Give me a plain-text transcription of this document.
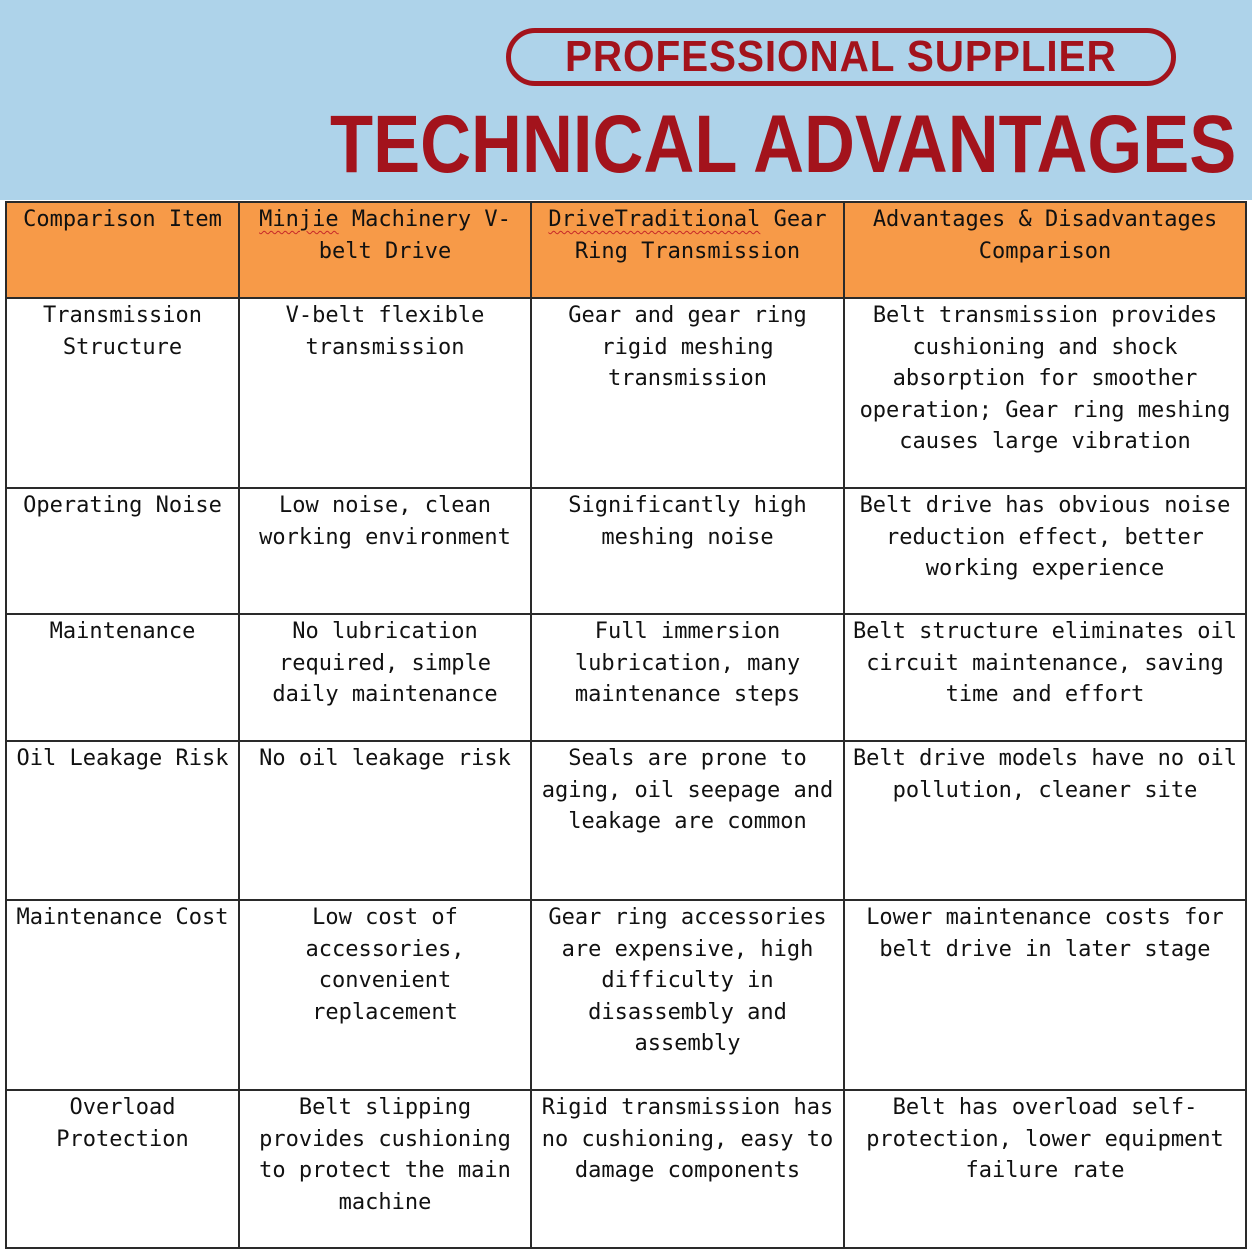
PROFESSIONAL SUPPLIER
TECHNICAL ADVANTAGES
Comparison Item	Minjie Machinery V-belt Drive	DriveTraditional Gear Ring Transmission	Advantages & Disadvantages Comparison
Transmission Structure	V-belt flexible transmission	Gear and gear ring rigid meshing transmission	Belt transmission provides cushioning and shock absorption for smoother operation; Gear ring meshing causes large vibration
Operating Noise	Low noise, clean working environment	Significantly high meshing noise	Belt drive has obvious noise reduction effect, better working experience
Maintenance	No lubrication required, simple daily maintenance	Full immersion lubrication, many maintenance steps	Belt structure eliminates oil circuit maintenance, saving time and effort
Oil Leakage Risk	No oil leakage risk	Seals are prone to aging, oil seepage and leakage are common	Belt drive models have no oil pollution, cleaner site
Maintenance Cost	Low cost of accessories, convenient replacement	Gear ring accessories are expensive, high difficulty in disassembly and assembly	Lower maintenance costs for belt drive in later stage
Overload Protection	Belt slipping provides cushioning to protect the main machine	Rigid transmission has no cushioning, easy to damage components	Belt has overload self-protection, lower equipment failure rate
